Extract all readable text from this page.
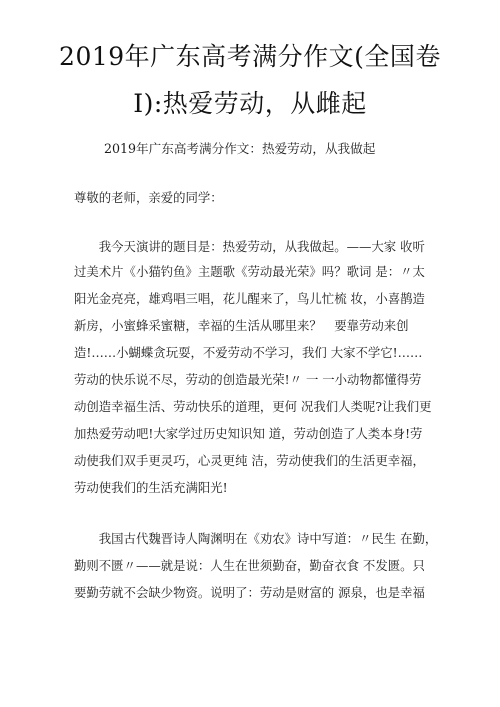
2019年广东高考满分作文(全国卷
I):热爱劳动，从雌起
2019年广东高考满分作文：热爱劳动，从我做起
尊敬的老师，亲爱的同学：
　　我今天演讲的题目是：热爱劳动，从我做起。——大家 收听
过美术片《小猫钓鱼》主题歌《劳动最光荣》吗？歌词 是：〃太
阳光金亮亮，雄鸡唱三唱，花儿醒来了，鸟儿忙梳 妆，小喜鹊造
新房，小蜜蜂采蜜糖，幸福的生活从哪里来？　要靠劳动来创
造!……小蝴蝶贪玩耍，不爱劳动不学习，我们 大家不学它!……
劳动的快乐说不尽，劳动的创造最光荣!〃 一 一小动物都懂得劳
动创造幸福生活、劳动快乐的道理，更何 况我们人类呢?让我们更
加热爱劳动吧!大家学过历史知识知 道，劳动创造了人类本身!劳
动使我们双手更灵巧，心灵更纯 洁，劳动使我们的生活更幸福，
劳动使我们的生活充满阳光!
　　我国古代魏晋诗人陶渊明在《劝农》诗中写道：〃民生 在勤，
勤则不匮〃——就是说：人生在世须勤奋，勤奋衣食 不发匮。只
要勤劳就不会缺少物资。说明了：劳动是财富的 源泉，也是幸福
